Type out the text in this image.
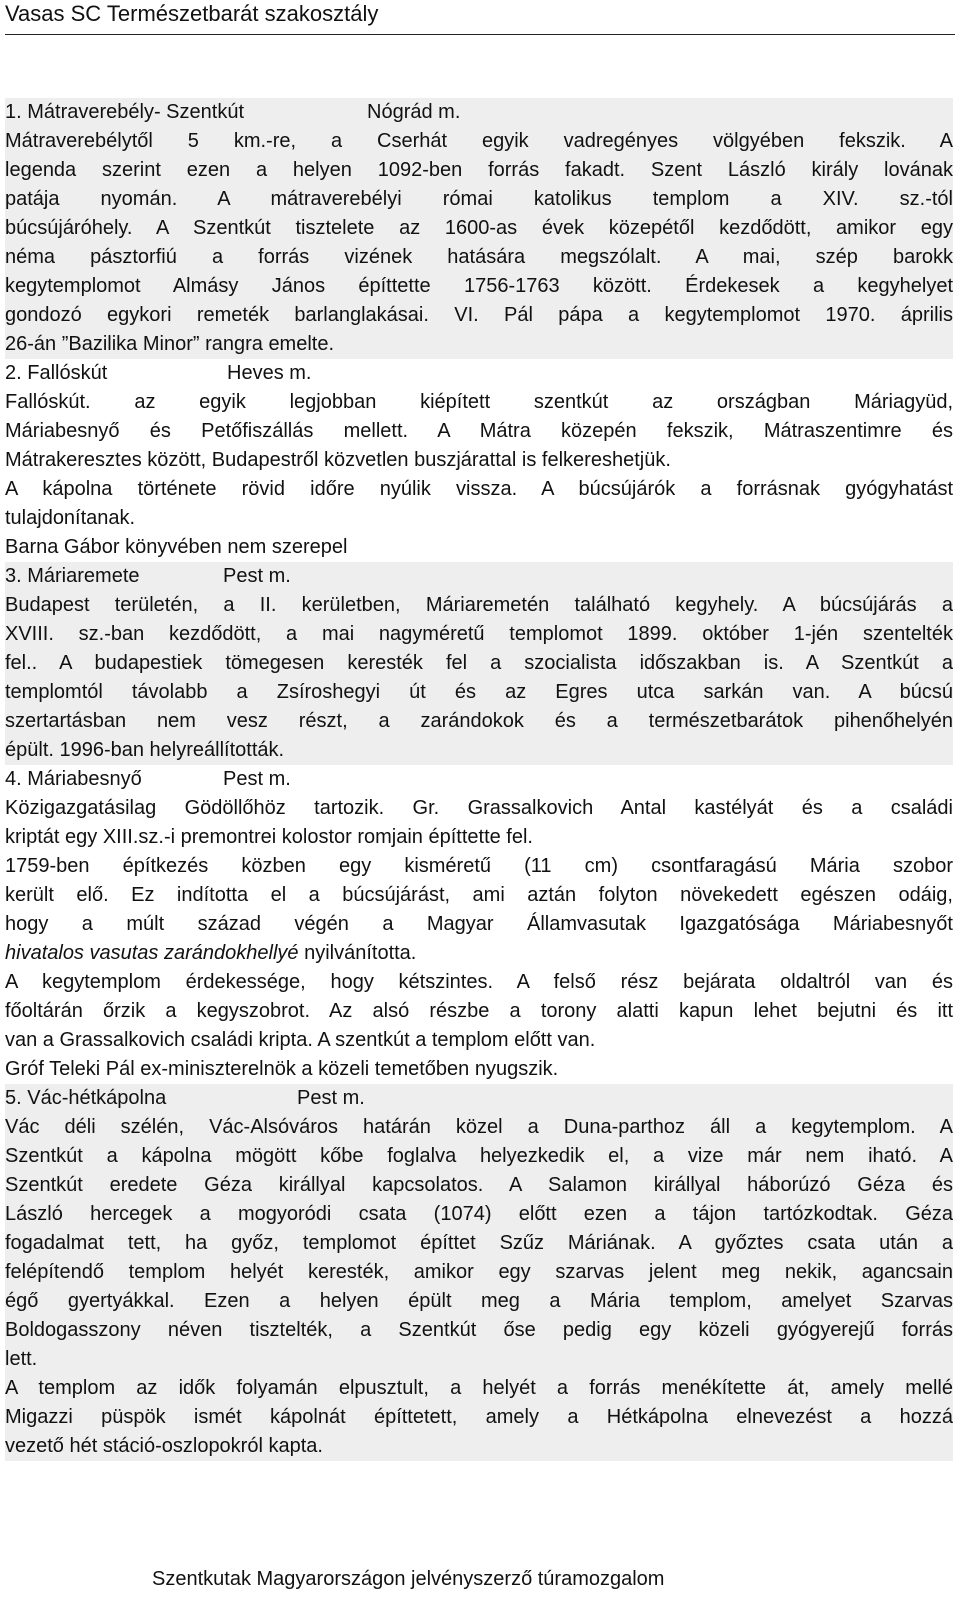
Vasas SC Természetbarát szakosztály
1. Mátraverebély- Szentkút	Nógrád m.
Mátraverebélytől 5 km.-re, a Cserhát egyik vadregényes völgyében fekszik. A
legenda szerint ezen a helyen 1092-ben forrás fakadt. Szent László király lovának
patája nyomán. A mátraverebélyi római katolikus templom a XIV. sz.-tól
búcsújáróhely. A Szentkút tisztelete az 1600-as évek közepétől kezdődött, amikor egy
néma pásztorfiú a forrás vizének hatására megszólalt. A mai, szép barokk
kegytemplomot Almásy János építtette 1756-1763 között. Érdekesek a kegyhelyet
gondozó egykori remeték barlanglakásai. VI. Pál pápa a kegytemplomot 1970. április
26-án ”Bazilika Minor” rangra emelte.
2. Fallóskút	Heves m.
Fallóskút. az egyik legjobban kiépített szentkút az országban Máriagyüd,
Máriabesnyő és Petőfiszállás mellett. A Mátra közepén fekszik, Mátraszentimre és
Mátrakeresztes között, Budapestről közvetlen buszjárattal is felkereshetjük.
A kápolna története rövid időre nyúlik vissza. A búcsújárók a forrásnak gyógyhatást
tulajdonítanak.
Barna Gábor könyvében nem szerepel
3. Máriaremete	Pest m.
Budapest területén, a II. kerületben, Máriaremetén található kegyhely. A búcsújárás a
XVIII. sz.-ban kezdődött, a mai nagyméretű templomot 1899. október 1-jén szentelték
fel.. A budapestiek tömegesen keresték fel a szocialista időszakban is. A Szentkút a
templomtól távolabb a Zsíroshegyi út és az Egres utca sarkán van. A búcsú
szertartásban nem vesz részt, a zarándokok és a természetbarátok pihenőhelyén
épült. 1996-ban helyreállították.
4. Máriabesnyő	Pest m.
Közigazgatásilag Gödöllőhöz tartozik. Gr. Grassalkovich Antal kastélyát és a családi
kriptát egy XIII.sz.-i premontrei kolostor romjain építtette fel.
1759-ben építkezés közben egy kisméretű (11 cm) csontfaragású Mária szobor
került elő. Ez indította el a búcsújárást, ami aztán folyton növekedett egészen odáig,
hogy a múlt század végén a Magyar Államvasutak Igazgatósága Máriabesnyőt
hivatalos vasutas zarándokhellyé nyilvánította.
A kegytemplom érdekessége, hogy kétszintes. A felső rész bejárata oldaltról van és
főoltárán őrzik a kegyszobrot. Az alsó részbe a torony alatti kapun lehet bejutni és itt
van a Grassalkovich családi kripta. A szentkút a templom előtt van.
Gróf Teleki Pál ex-miniszterelnök a közeli temetőben nyugszik.
5. Vác-hétkápolna	Pest m.
Vác déli szélén, Vác-Alsóváros határán közel a Duna-parthoz áll a kegytemplom. A
Szentkút a kápolna mögött kőbe foglalva helyezkedik el, a vize már nem iható. A
Szentkút eredete Géza királlyal kapcsolatos. A Salamon királlyal háborúzó Géza és
László hercegek a mogyoródi csata (1074) előtt ezen a tájon tartózkodtak. Géza
fogadalmat tett, ha győz, templomot építtet Szűz Máriának. A győztes csata után a
felépítendő templom helyét keresték, amikor egy szarvas jelent meg nekik, agancsain
égő gyertyákkal. Ezen a helyen épült meg a Mária templom, amelyet Szarvas
Boldogasszony néven tisztelték, a Szentkút őse pedig egy közeli gyógyerejű forrás
lett.
A templom az idők folyamán elpusztult, a helyét a forrás menékítette át, amely mellé
Migazzi püspök ismét kápolnát építtetett, amely a Hétkápolna elnevezést a hozzá
vezető hét stáció-oszlopokról kapta.
Szentkutak Magyarországon jelvényszerző túramozgalom
